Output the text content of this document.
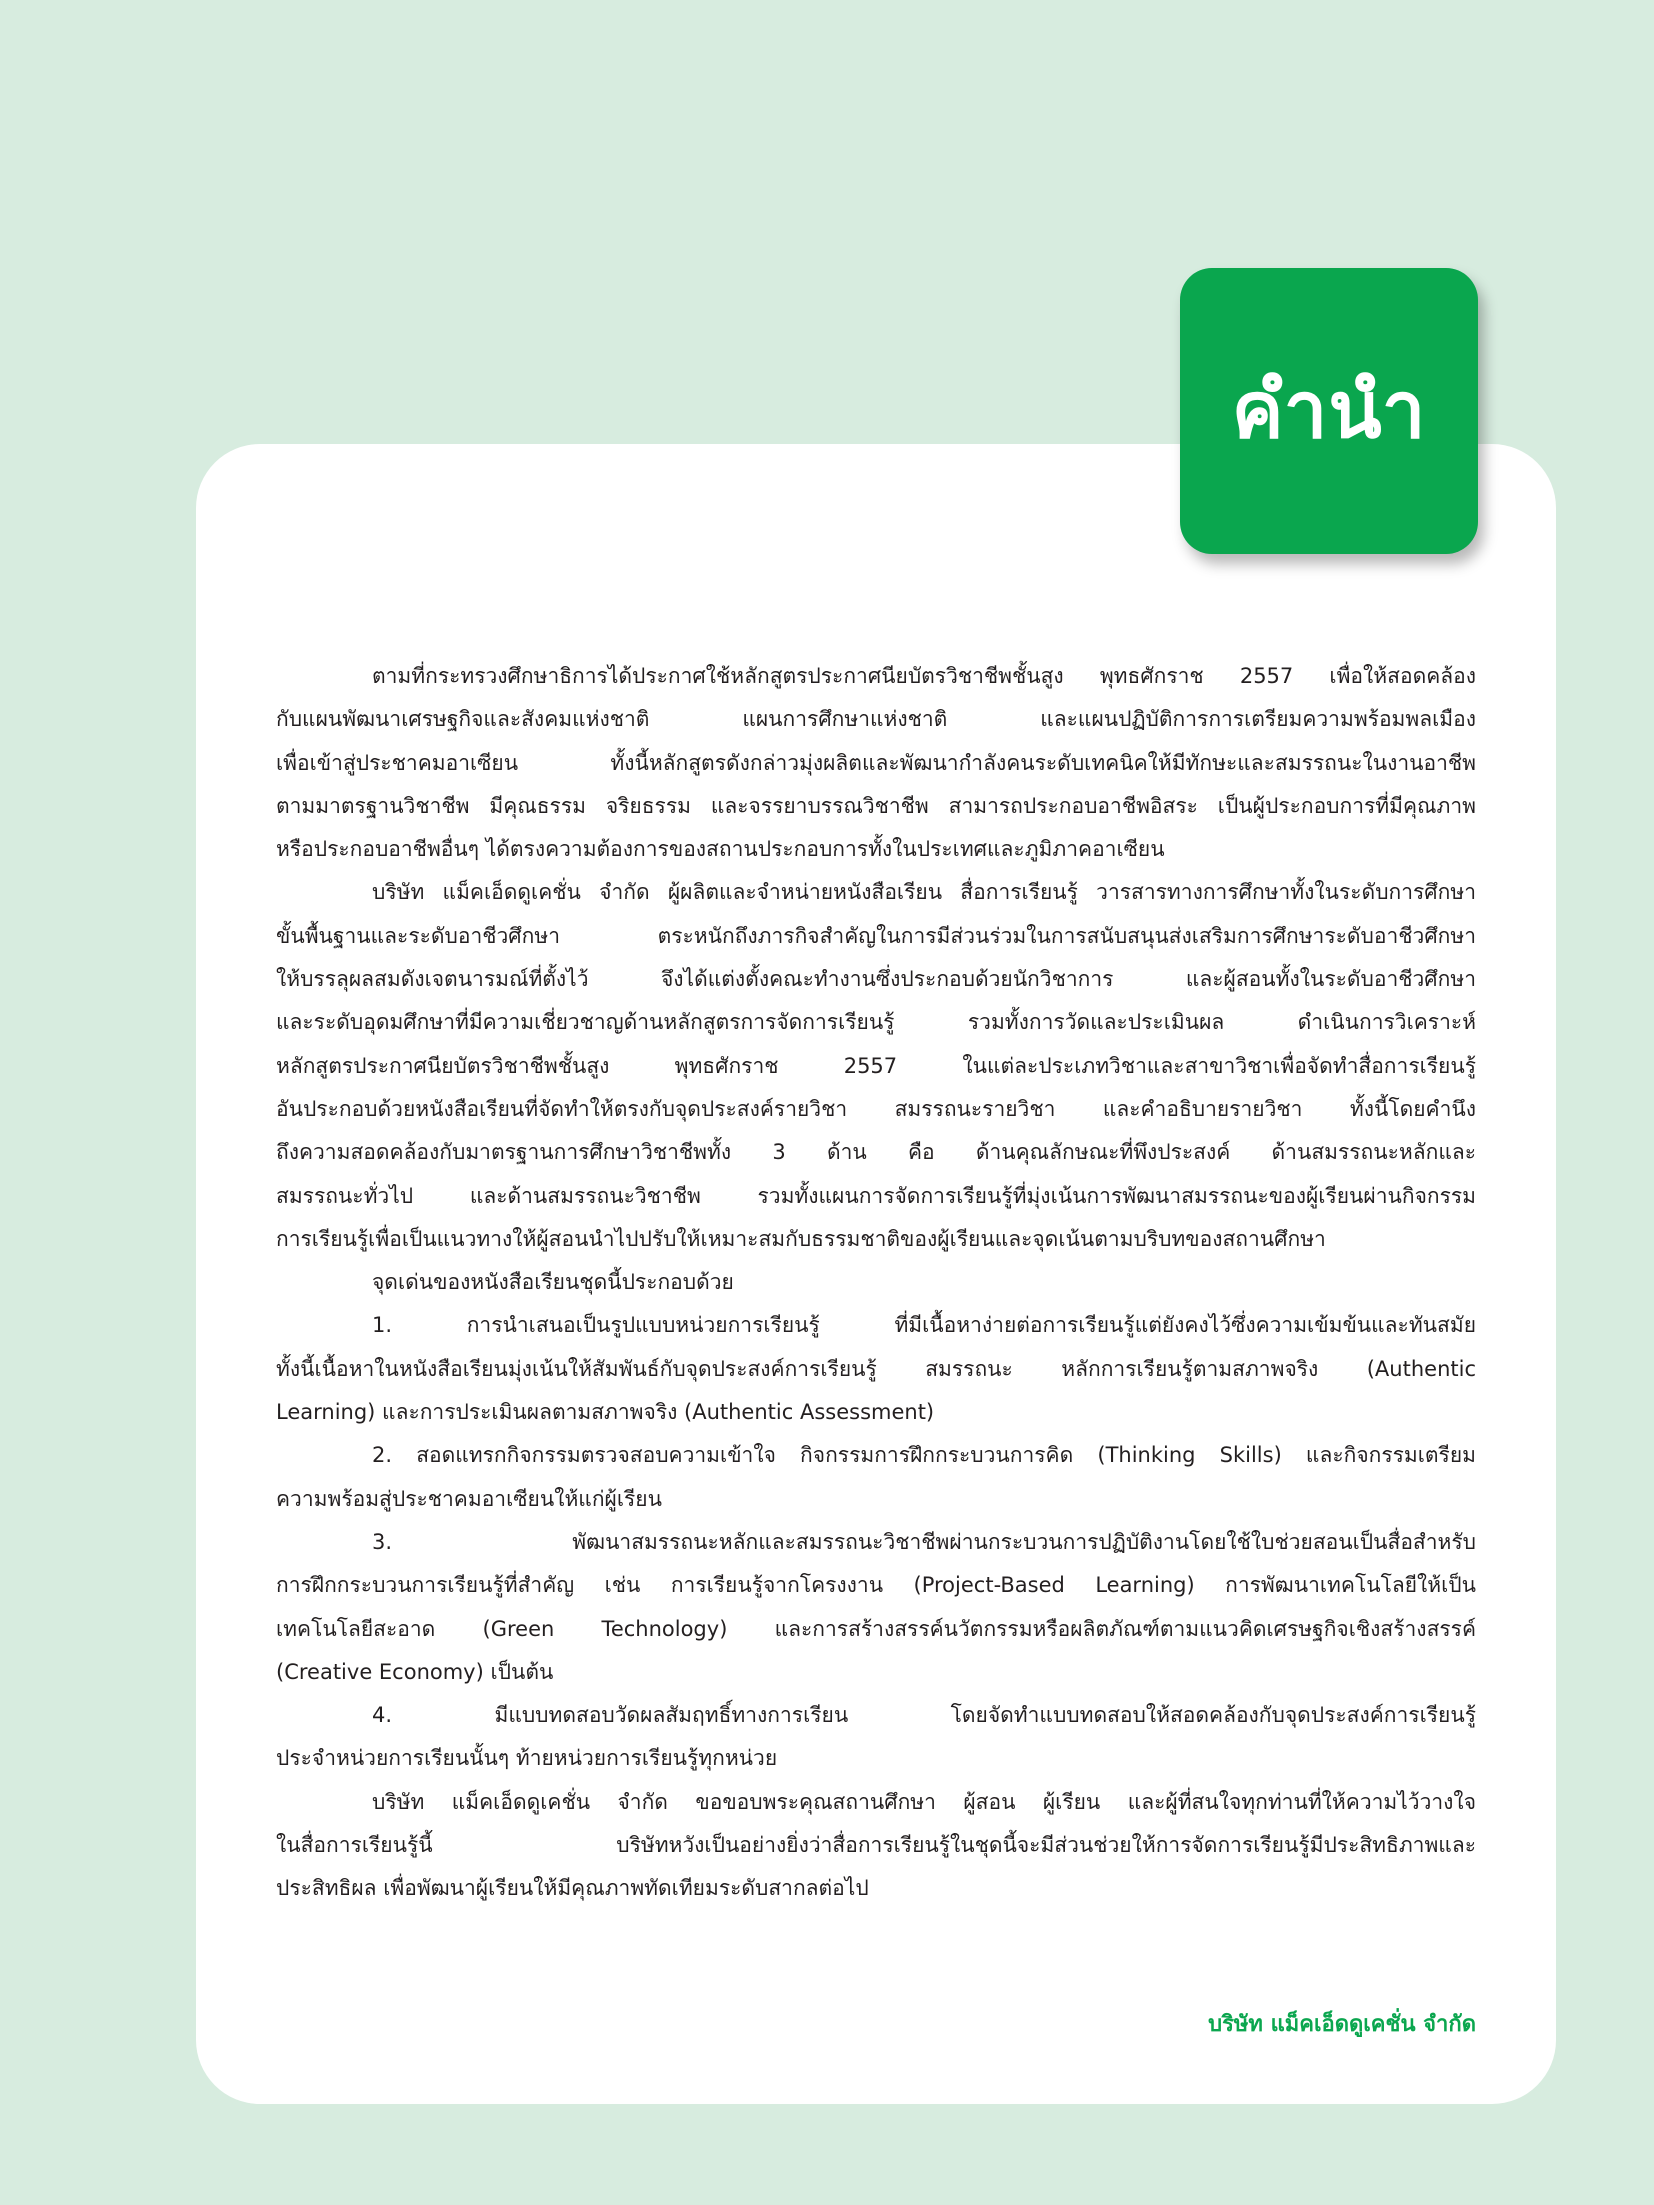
คำนำ

ตามที่กระทรวงศึกษาธิการได้ประกาศใช้หลักสูตรประกาศนียบัตรวิชาชีพชั้นสูง พุทธศักราช 2557 เพื่อให้สอดคล้อง

กับแผนพัฒนาเศรษฐกิจและสังคมแห่งชาติ แผนการศึกษาแห่งชาติ และแผนปฏิบัติการการเตรียมความพร้อมพลเมือง

เพื่อเข้าสู่ประชาคมอาเซียน ทั้งนี้หลักสูตรดังกล่าวมุ่งผลิตและพัฒนากำลังคนระดับเทคนิคให้มีทักษะและสมรรถนะในงานอาชีพ

ตามมาตรฐานวิชาชีพ มีคุณธรรม จริยธรรม และจรรยาบรรณวิชาชีพ สามารถประกอบอาชีพอิสระ เป็นผู้ประกอบการที่มีคุณภาพ

หรือประกอบอาชีพอื่นๆ ได้ตรงความต้องการของสถานประกอบการทั้งในประเทศและภูมิภาคอาเซียน

บริษัท แม็คเอ็ดดูเคชั่น จำกัด ผู้ผลิตและจำหน่ายหนังสือเรียน สื่อการเรียนรู้ วารสารทางการศึกษาทั้งในระดับการศึกษา

ขั้นพื้นฐานและระดับอาชีวศึกษา ตระหนักถึงภารกิจสำคัญในการมีส่วนร่วมในการสนับสนุนส่งเสริมการศึกษาระดับอาชีวศึกษา

ให้บรรลุผลสมดังเจตนารมณ์ที่ตั้งไว้ จึงได้แต่งตั้งคณะทำงานซึ่งประกอบด้วยนักวิชาการ และผู้สอนทั้งในระดับอาชีวศึกษา

และระดับอุดมศึกษาที่มีความเชี่ยวชาญด้านหลักสูตรการจัดการเรียนรู้ รวมทั้งการวัดและประเมินผล ดำเนินการวิเคราะห์

หลักสูตรประกาศนียบัตรวิชาชีพชั้นสูง พุทธศักราช 2557 ในแต่ละประเภทวิชาและสาขาวิชาเพื่อจัดทำสื่อการเรียนรู้

อันประกอบด้วยหนังสือเรียนที่จัดทำให้ตรงกับจุดประสงค์รายวิชา สมรรถนะรายวิชา และคำอธิบายรายวิชา ทั้งนี้โดยคำนึง

ถึงความสอดคล้องกับมาตรฐานการศึกษาวิชาชีพทั้ง 3 ด้าน คือ ด้านคุณลักษณะที่พึงประสงค์ ด้านสมรรถนะหลักและ

สมรรถนะทั่วไป และด้านสมรรถนะวิชาชีพ รวมทั้งแผนการจัดการเรียนรู้ที่มุ่งเน้นการพัฒนาสมรรถนะของผู้เรียนผ่านกิจกรรม

การเรียนรู้เพื่อเป็นแนวทางให้ผู้สอนนำไปปรับให้เหมาะสมกับธรรมชาติของผู้เรียนและจุดเน้นตามบริบทของสถานศึกษา

จุดเด่นของหนังสือเรียนชุดนี้ประกอบด้วย

1. การนำเสนอเป็นรูปแบบหน่วยการเรียนรู้ ที่มีเนื้อหาง่ายต่อการเรียนรู้แต่ยังคงไว้ซึ่งความเข้มข้นและทันสมัย

ทั้งนี้เนื้อหาในหนังสือเรียนมุ่งเน้นให้สัมพันธ์กับจุดประสงค์การเรียนรู้ สมรรถนะ หลักการเรียนรู้ตามสภาพจริง (Authentic

Learning) และการประเมินผลตามสภาพจริง (Authentic Assessment)

2. สอดแทรกกิจกรรมตรวจสอบความเข้าใจ กิจกรรมการฝึกกระบวนการคิด (Thinking Skills) และกิจกรรมเตรียม

ความพร้อมสู่ประชาคมอาเซียนให้แก่ผู้เรียน

3. พัฒนาสมรรถนะหลักและสมรรถนะวิชาชีพผ่านกระบวนการปฏิบัติงานโดยใช้ใบช่วยสอนเป็นสื่อสำหรับ

การฝึกกระบวนการเรียนรู้ที่สำคัญ เช่น การเรียนรู้จากโครงงาน (Project-Based Learning) การพัฒนาเทคโนโลยีให้เป็น

เทคโนโลยีสะอาด (Green Technology) และการสร้างสรรค์นวัตกรรมหรือผลิตภัณฑ์ตามแนวคิดเศรษฐกิจเชิงสร้างสรรค์

(Creative Economy) เป็นต้น

4. มีแบบทดสอบวัดผลสัมฤทธิ์ทางการเรียน โดยจัดทำแบบทดสอบให้สอดคล้องกับจุดประสงค์การเรียนรู้

ประจำหน่วยการเรียนนั้นๆ ท้ายหน่วยการเรียนรู้ทุกหน่วย

บริษัท แม็คเอ็ดดูเคชั่น จำกัด ขอขอบพระคุณสถานศึกษา ผู้สอน ผู้เรียน และผู้ที่สนใจทุกท่านที่ให้ความไว้วางใจ

ในสื่อการเรียนรู้นี้ บริษัทหวังเป็นอย่างยิ่งว่าสื่อการเรียนรู้ในชุดนี้จะมีส่วนช่วยให้การจัดการเรียนรู้มีประสิทธิภาพและ

ประสิทธิผล เพื่อพัฒนาผู้เรียนให้มีคุณภาพทัดเทียมระดับสากลต่อไป

บริษัท แม็คเอ็ดดูเคชั่น จำกัด
